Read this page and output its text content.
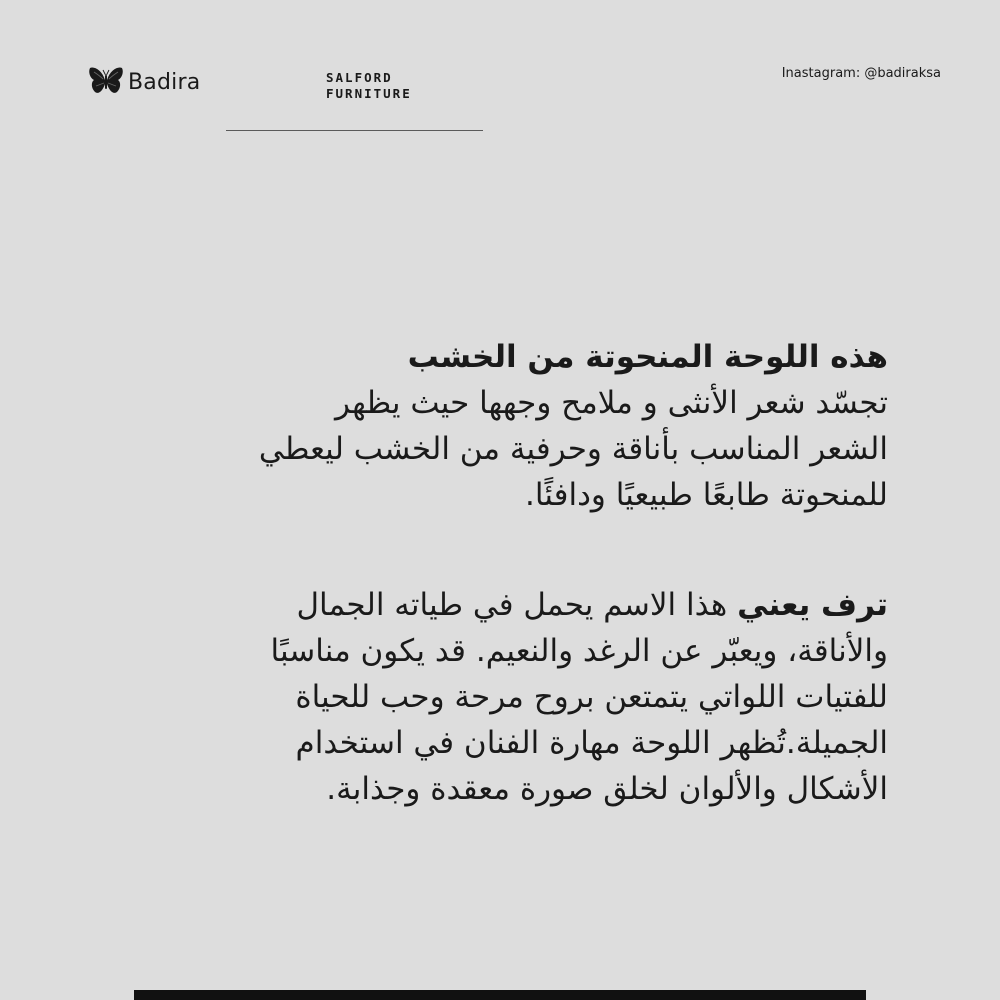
Badira	SALFORD
FURNITURE
Inastagram: @badiraksa
هذه اللوحة المنحوتة من الخشب
تجسّد شعر الأنثى و ملامح وجهها حيث يظهر الشعر المناسب بأناقة وحرفية من الخشب ليعطي للمنحوتة طابعًا طبيعيًا ودافئًا.
ترف يعني هذا الاسم يحمل في طياته الجمال والأناقة، ويعبّر عن الرغد والنعيم. قد يكون مناسبًا للفتيات اللواتي يتمتعن بروح مرحة وحب للحياة الجميلة.تُظهر اللوحة مهارة الفنان في استخدام الأشكال والألوان لخلق صورة معقدة وجذابة.
